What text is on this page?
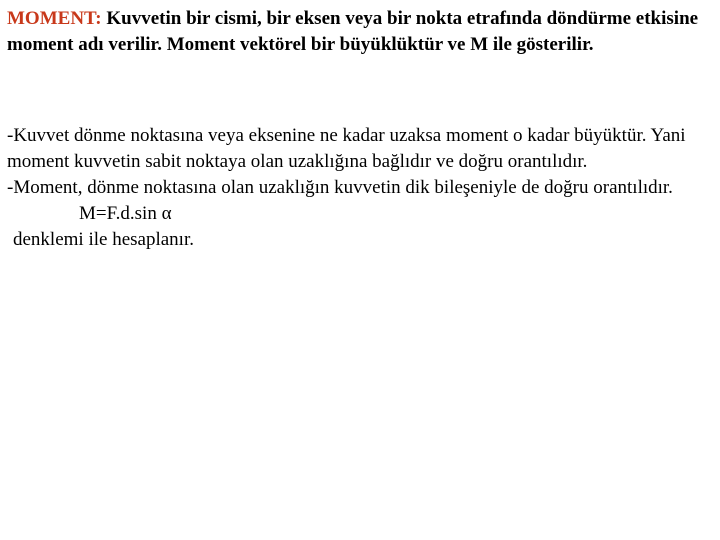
MOMENT: Kuvvetin bir cismi, bir eksen veya bir nokta etrafında döndürme etkisine moment adı verilir. Moment vektörel bir büyüklüktür ve M ile gösterilir.

-Kuvvet dönme noktasına veya eksenine ne kadar uzaksa moment o kadar büyüktür. Yani moment kuvvetin sabit noktaya olan uzaklığına bağlıdır ve doğru orantılıdır.

-Moment, dönme noktasına olan uzaklığın kuvvetin dik bileşeniyle de doğru orantılıdır.

M=F.d.sin α

denklemi ile hesaplanır.
